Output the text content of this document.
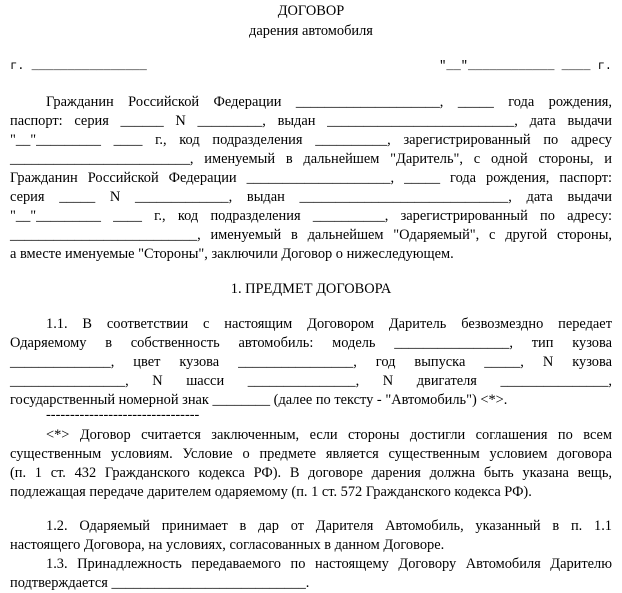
ДОГОВОР
дарения автомобиля
г. ________________	"__"____________ ____ г.
Гражданин Российской Федерации ____________________, _____ года рождения,
паспорт: серия ______ N _________, выдан __________________________, дата выдачи
"__"_________ ____ г., код подразделения __________, зарегистрированный по адресу
_________________________, именуемый в дальнейшем "Даритель", с одной стороны, и
Гражданин Российской Федерации ____________________, _____ года рождения, паспорт:
серия _____ N _____________, выдан _____________________________, дата выдачи
"__"_________ ____ г., код подразделения __________, зарегистрированный по адресу:
__________________________, именуемый в дальнейшем "Одаряемый", с другой стороны,
а вместе именуемые "Стороны", заключили Договор о нижеследующем.
1. ПРЕДМЕТ ДОГОВОРА
1.1. В соответствии с настоящим Договором Даритель безвозмездно передает
Одаряемому в собственность автомобиль: модель ________________, тип кузова
______________, цвет кузова ________________, год выпуска _____, N кузова
________________, N шасси _______________, N двигателя _______________,
государственный номерной знак ________ (далее по тексту - "Автомобиль") <*>.
--------------------------------
<*> Договор считается заключенным, если стороны достигли соглашения по всем
существенным условиям. Условие о предмете является существенным условием договора
(п. 1 ст. 432 Гражданского кодекса РФ). В договоре дарения должна быть указана вещь,
подлежащая передаче дарителем одаряемому (п. 1 ст. 572 Гражданского кодекса РФ).
1.2. Одаряемый принимает в дар от Дарителя Автомобиль, указанный в п. 1.1
настоящего Договора, на условиях, согласованных в данном Договоре.
1.3. Принадлежность передаваемого по настоящему Договору Автомобиля Дарителю
подтверждается ___________________________.
